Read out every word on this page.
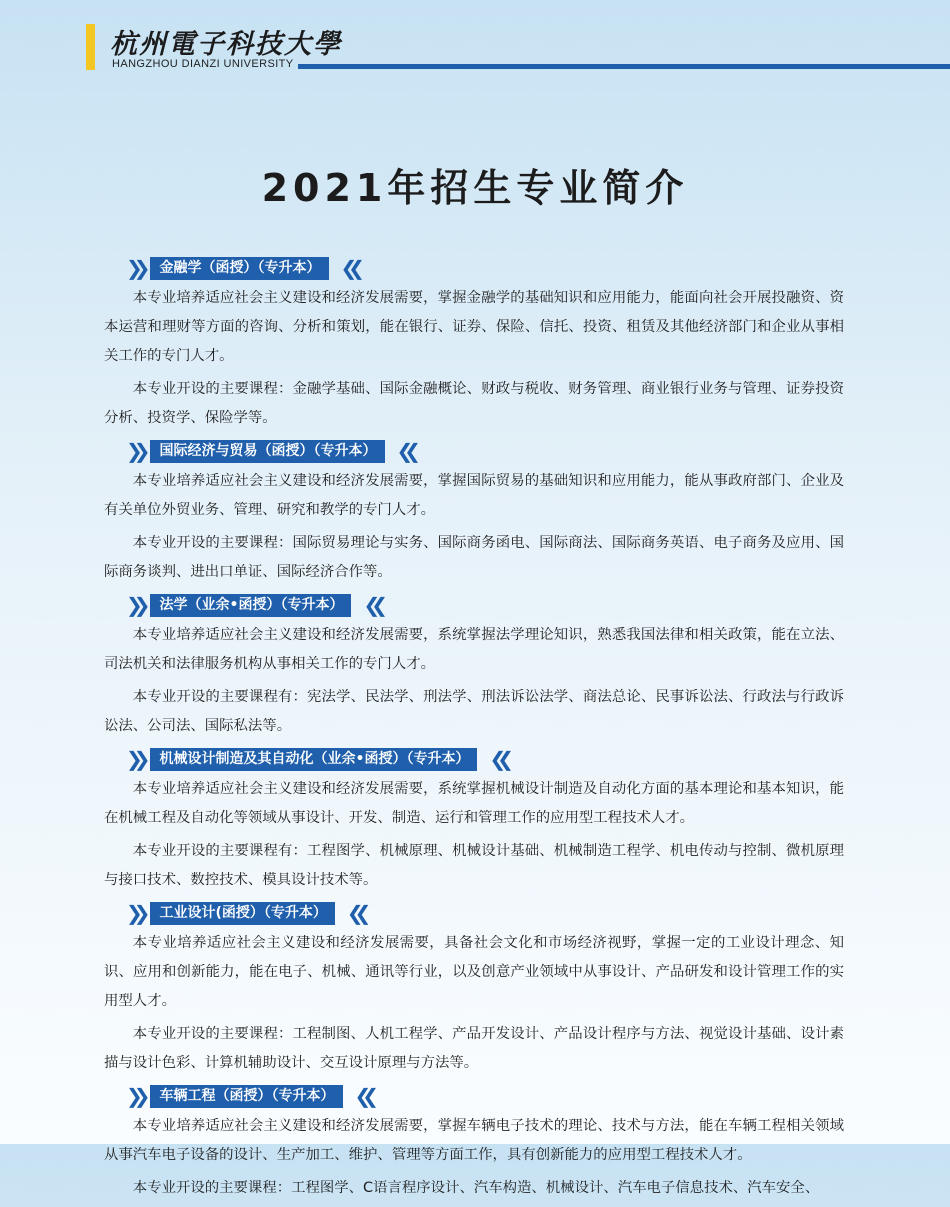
杭州電子科技大學
HANGZHOU DIANZI UNIVERSITY
2021年招生专业简介
❯❯	金融学（函授）（专升本）	❮❮

本专业培养适应社会主义建设和经济发展需要，掌握金融学的基础知识和应用能力，能面向社会开展投融资、资本运营和理财等方面的咨询、分析和策划，能在银行、证券、保险、信托、投资、租赁及其他经济部门和企业从事相关工作的专门人才。

本专业开设的主要课程：金融学基础、国际金融概论、财政与税收、财务管理、商业银行业务与管理、证券投资分析、投资学、保险学等。

❯❯	国际经济与贸易（函授）（专升本）	❮❮

本专业培养适应社会主义建设和经济发展需要，掌握国际贸易的基础知识和应用能力，能从事政府部门、企业及有关单位外贸业务、管理、研究和教学的专门人才。

本专业开设的主要课程：国际贸易理论与实务、国际商务函电、国际商法、国际商务英语、电子商务及应用、国际商务谈判、进出口单证、国际经济合作等。

❯❯	法学（业余•函授）（专升本）	❮❮

本专业培养适应社会主义建设和经济发展需要，系统掌握法学理论知识，熟悉我国法律和相关政策，能在立法、司法机关和法律服务机构从事相关工作的专门人才。

本专业开设的主要课程有：宪法学、民法学、刑法学、刑法诉讼法学、商法总论、民事诉讼法、行政法与行政诉讼法、公司法、国际私法等。

❯❯	机械设计制造及其自动化（业余•函授）（专升本）	❮❮

本专业培养适应社会主义建设和经济发展需要，系统掌握机械设计制造及自动化方面的基本理论和基本知识，能在机械工程及自动化等领域从事设计、开发、制造、运行和管理工作的应用型工程技术人才。

本专业开设的主要课程有：工程图学、机械原理、机械设计基础、机械制造工程学、机电传动与控制、微机原理与接口技术、数控技术、模具设计技术等。

❯❯	工业设计(函授）（专升本）	❮❮

本专业培养适应社会主义建设和经济发展需要，具备社会文化和市场经济视野，掌握一定的工业设计理念、知识、应用和创新能力，能在电子、机械、通讯等行业，以及创意产业领域中从事设计、产品研发和设计管理工作的实用型人才。

本专业开设的主要课程：工程制图、人机工程学、产品开发设计、产品设计程序与方法、视觉设计基础、设计素描与设计色彩、计算机辅助设计、交互设计原理与方法等。

❯❯	车辆工程（函授）（专升本）	❮❮

本专业培养适应社会主义建设和经济发展需要，掌握车辆电子技术的理论、技术与方法，能在车辆工程相关领域从事汽车电子设备的设计、生产加工、维护、管理等方面工作，具有创新能力的应用型工程技术人才。

本专业开设的主要课程：工程图学、C语言程序设计、汽车构造、机械设计、汽车电子信息技术、汽车安全、
